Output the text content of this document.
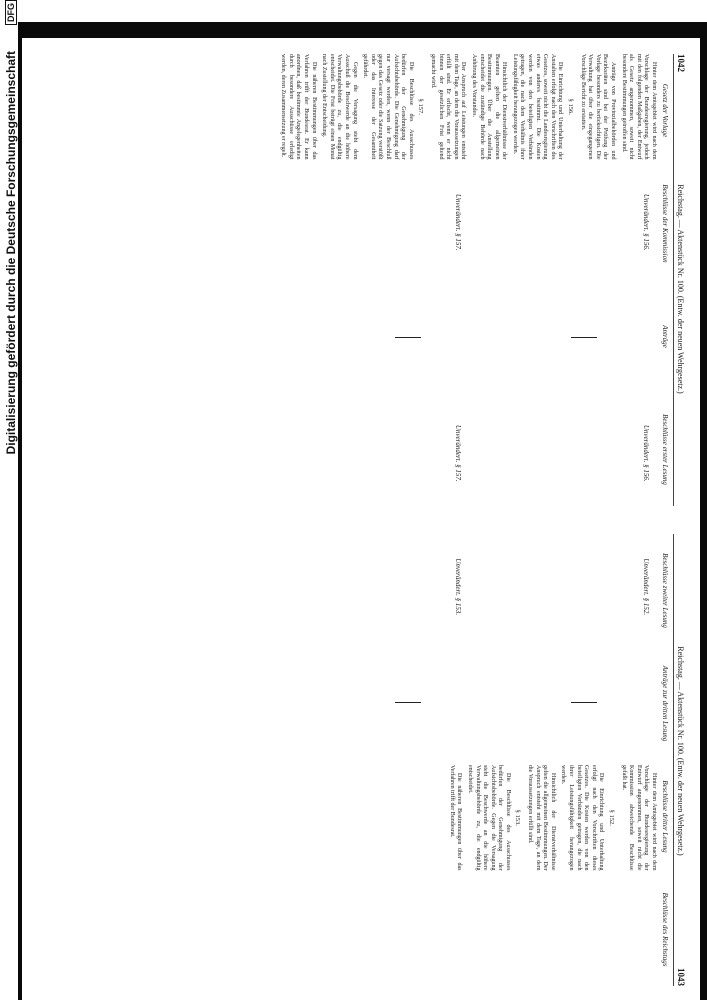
Digitalisierung gefördert durch die Deutsche Forschungsgemeinschaft
DFG
1042
Reichstag. — Aktenstück Nr. 100. (Entw. der neuen Wehrgesetz.)
Gesetz der Vorlage
Beschlüsse der Kommission
Anträge
Beschlüsse erster Lesung

Hinter dem Amtsgebiet wird nach dem Vorschlage der Bundesregierung, jedoch mit den folgenden Maßgaben, der Entwurf als Gesetz angenommen, soweit nicht besondere Bestimmungen getroffen sind.

Anträge von Provinzialbehörden und Bezirksräten sind bei der Prüfung der Vorlage besonders zu berücksichtigen. Die Verwaltung hat über die eingegangenen Vorschläge Bericht zu erstatten.

§ 156.

Die Einrichtung und Unterhaltung der Anstalten erfolgt nach den Vorschriften des Gesetzes, soweit nicht die Landesregierung etwas anderes bestimmt. Die Kosten werden von den beteiligten Verbänden getragen, die nach dem Verhältnis ihrer Leistungsfähigkeit herangezogen werden.

Hinsichtlich der Dienstverhältnisse der Beamten gelten die allgemeinen Bestimmungen. Über die Anstellung entscheidet die zuständige Behörde nach Anhörung des Vorstandes.

Der Anspruch auf Leistungen entsteht mit dem Tage, an dem die Voraussetzungen erfüllt sind. Er erlischt, wenn er nicht binnen der gesetzlichen Frist geltend gemacht wird.

§ 157.

Die Beschlüsse des Ausschusses bedürfen der Genehmigung der Aufsichtsbehörde. Die Genehmigung darf nur versagt werden, wenn der Beschluß gegen das Gesetz oder die Satzung verstößt oder das Interesse der Gesamtheit gefährdet.

Gegen die Versagung steht dem Ausschuß die Beschwerde an die höhere Verwaltungsbehörde zu, die endgültig entscheidet. Die Frist beträgt einen Monat nach Zustellung der Entscheidung.

Die näheren Bestimmungen über das Verfahren trifft der Bundesrat. Er kann anordnen, daß bestimmte Angelegenheiten durch besondere Ausschüsse erledigt werden, deren Zusammensetzung er regelt.

Unverändert. § 156.
Unverändert. § 157.
Unverändert. § 156.
Unverändert. § 157.
Reichstag. — Aktenstück Nr. 100. (Entw. der neuen Wehrgesetz.)
1043
Beschlüsse zweiter Lesung
Anträge zur dritten Lesung
Beschlüsse dritter Lesung
Beschlüsse des Reichstags
Unverändert. § 152.
Unverändert. § 153.

Hinter dem Amtsgebiet wird nach dem Vorschlage der Bundesregierung der Entwurf angenommen, soweit nicht die Kommission abweichende Beschlüsse gefaßt hat.

§ 152.

Die Einrichtung und Unterhaltung erfolgt nach den Vorschriften dieses Gesetzes. Die Kosten werden von den beteiligten Verbänden getragen, die nach ihrer Leistungsfähigkeit herangezogen werden.

Hinsichtlich der Dienstverhältnisse gelten die allgemeinen Bestimmungen. Der Anspruch entsteht mit dem Tage, an dem die Voraussetzungen erfüllt sind.

§ 153.

Die Beschlüsse des Ausschusses bedürfen der Genehmigung der Aufsichtsbehörde. Gegen die Versagung steht die Beschwerde an die höhere Verwaltungsbehörde zu, die endgültig entscheidet.

Die näheren Bestimmungen über das Verfahren trifft der Bundesrat.
